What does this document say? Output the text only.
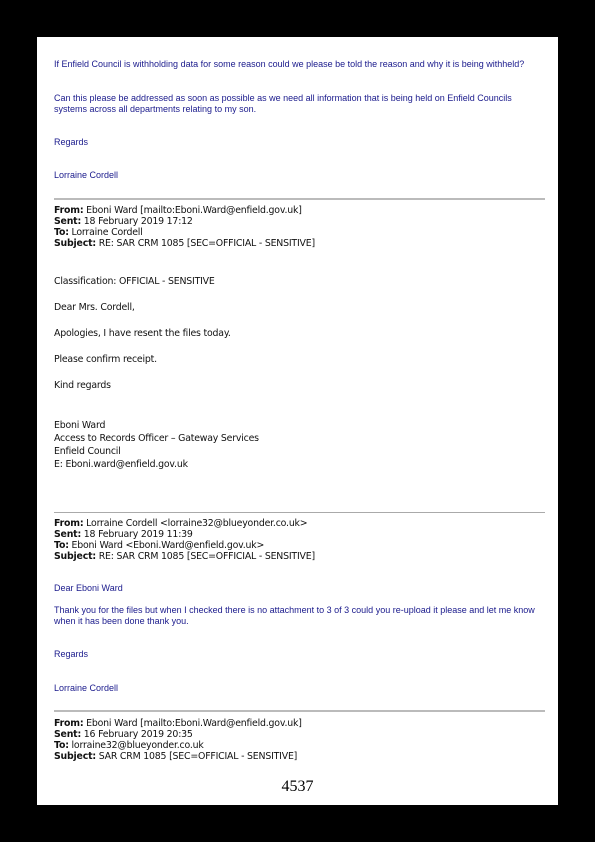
If Enfield Council is withholding data for some reason could we please be told the reason and why it is being withheld?
Can this please be addressed as soon as possible as we need all information that is being held on Enfield Councils systems across all departments relating to my son.
Regards
Lorraine Cordell
From: Eboni Ward [mailto:Eboni.Ward@enfield.gov.uk]
Sent: 18 February 2019 17:12
To: Lorraine Cordell
Subject: RE: SAR CRM 1085 [SEC=OFFICIAL - SENSITIVE]
Classification: OFFICIAL - SENSITIVE
Dear Mrs. Cordell,
Apologies, I have resent the files today.
Please confirm receipt.
Kind regards
Eboni Ward
Access to Records Officer – Gateway Services
Enfield Council
E: Eboni.ward@enfield.gov.uk
From: Lorraine Cordell <lorraine32@blueyonder.co.uk>
Sent: 18 February 2019 11:39
To: Eboni Ward <Eboni.Ward@enfield.gov.uk>
Subject: RE: SAR CRM 1085 [SEC=OFFICIAL - SENSITIVE]
Dear Eboni Ward
Thank you for the files but when I checked there is no attachment to 3 of 3 could you re-upload it please and let me know when it has been done thank you.
Regards
Lorraine Cordell
From: Eboni Ward [mailto:Eboni.Ward@enfield.gov.uk]
Sent: 16 February 2019 20:35
To: lorraine32@blueyonder.co.uk
Subject: SAR CRM 1085 [SEC=OFFICIAL - SENSITIVE]
4537
